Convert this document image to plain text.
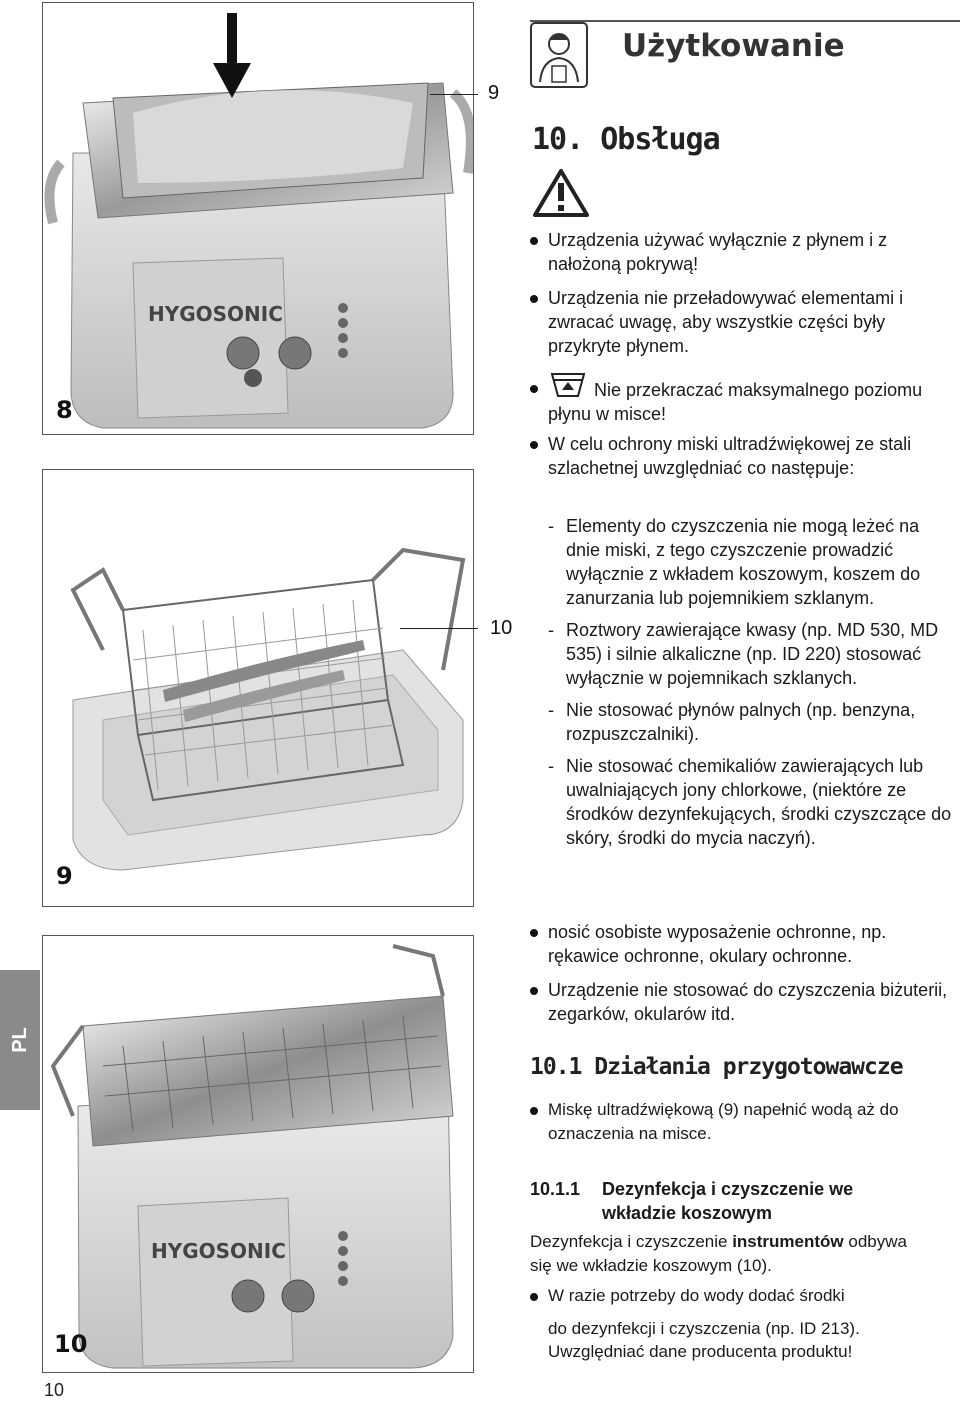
HYGOSONIC
8
9
9
10
HYGOSONIC
10
PL
Użytkowanie
10. Obsługa
Urządzenia używać wyłącznie z płynem i z nałożoną pokrywą!
Urządzenia nie przeładowywać elementami i zwracać uwagę, aby wszystkie części były przykryte płynem.
Nie przekraczać maksymalnego poziomu płynu w misce!
W celu ochrony miski ultradźwiękowej ze stali szlachetnej uwzględniać co następuje:
- Elementy do czyszczenia nie mogą leżeć na dnie miski, z tego czyszczenie prowadzić wyłącznie z wkładem koszowym, koszem do zanurzania lub pojemnikiem szklanym.
- Roztwory zawierające kwasy (np. MD 530, MD 535) i silnie alkaliczne (np. ID 220) stosować wyłącznie w pojemnikach szklanych.
- Nie stosować płynów palnych (np. benzyna, rozpuszczalniki).
- Nie stosować chemikaliów zawierających lub uwalniających jony chlorkowe, (niektóre ze środków dezynfekujących, środki czyszczące do skóry, środki do mycia naczyń).
nosić osobiste wyposażenie ochronne, np. rękawice ochronne, okulary ochronne.
Urządzenie nie stosować do czyszczenia biżuterii, zegarków, okularów itd.
10.1 Działania przygotowawcze
Miskę ultradźwiękową (9) napełnić wodą aż do oznaczenia na misce.
10.1.1 Dezynfekcja i czyszczenie we wkładzie koszowym
Dezynfekcja i czyszczenie instrumentów odbywa się we wkładzie koszowym (10).
W razie potrzeby do wody dodać środki
do dezynfekcji i czyszczenia (np. ID 213).
Uwzględniać dane producenta produktu!
10
